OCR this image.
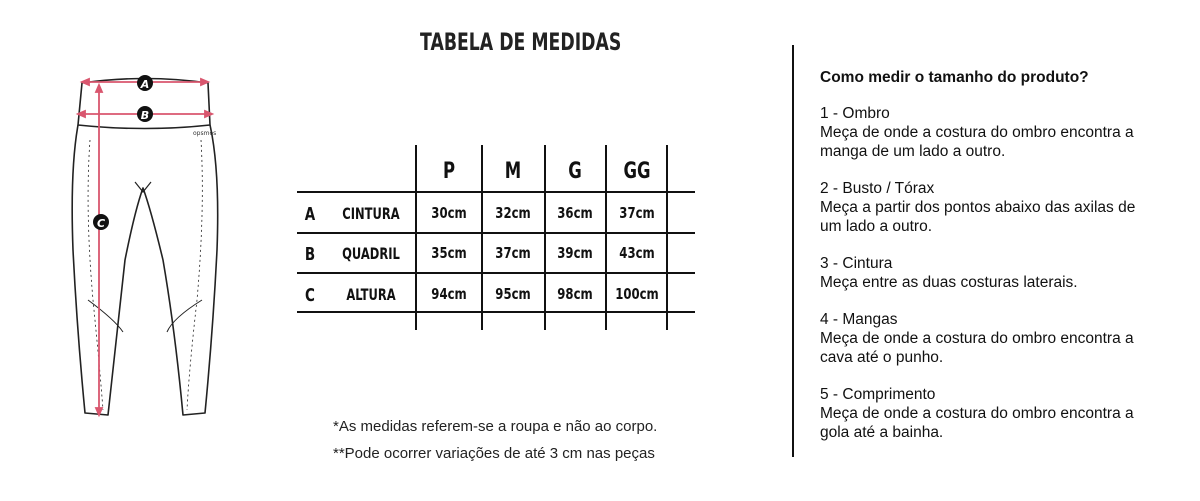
TABELA DE MEDIDAS
opsmos
A
B
C
P M G GG
A CINTURA 30cm 32cm 36cm 37cm
B QUADRIL 35cm 37cm 39cm 43cm
C ALTURA 94cm 95cm 98cm 100cm
*As medidas referem-se a roupa e não ao corpo.
**Pode ocorrer variações de até 3 cm nas peças
Como medir o tamanho do produto?
1 - Ombro
Meça de onde a costura do ombro encontra a
manga de um lado a outro.
2 - Busto / Tórax
Meça a partir dos pontos abaixo das axilas de
um lado a outro.
3 - Cintura
Meça entre as duas costuras laterais.
4 - Mangas
Meça de onde a costura do ombro encontra a
cava até o punho.
5 - Comprimento
Meça de onde a costura do ombro encontra a
gola até a bainha.
